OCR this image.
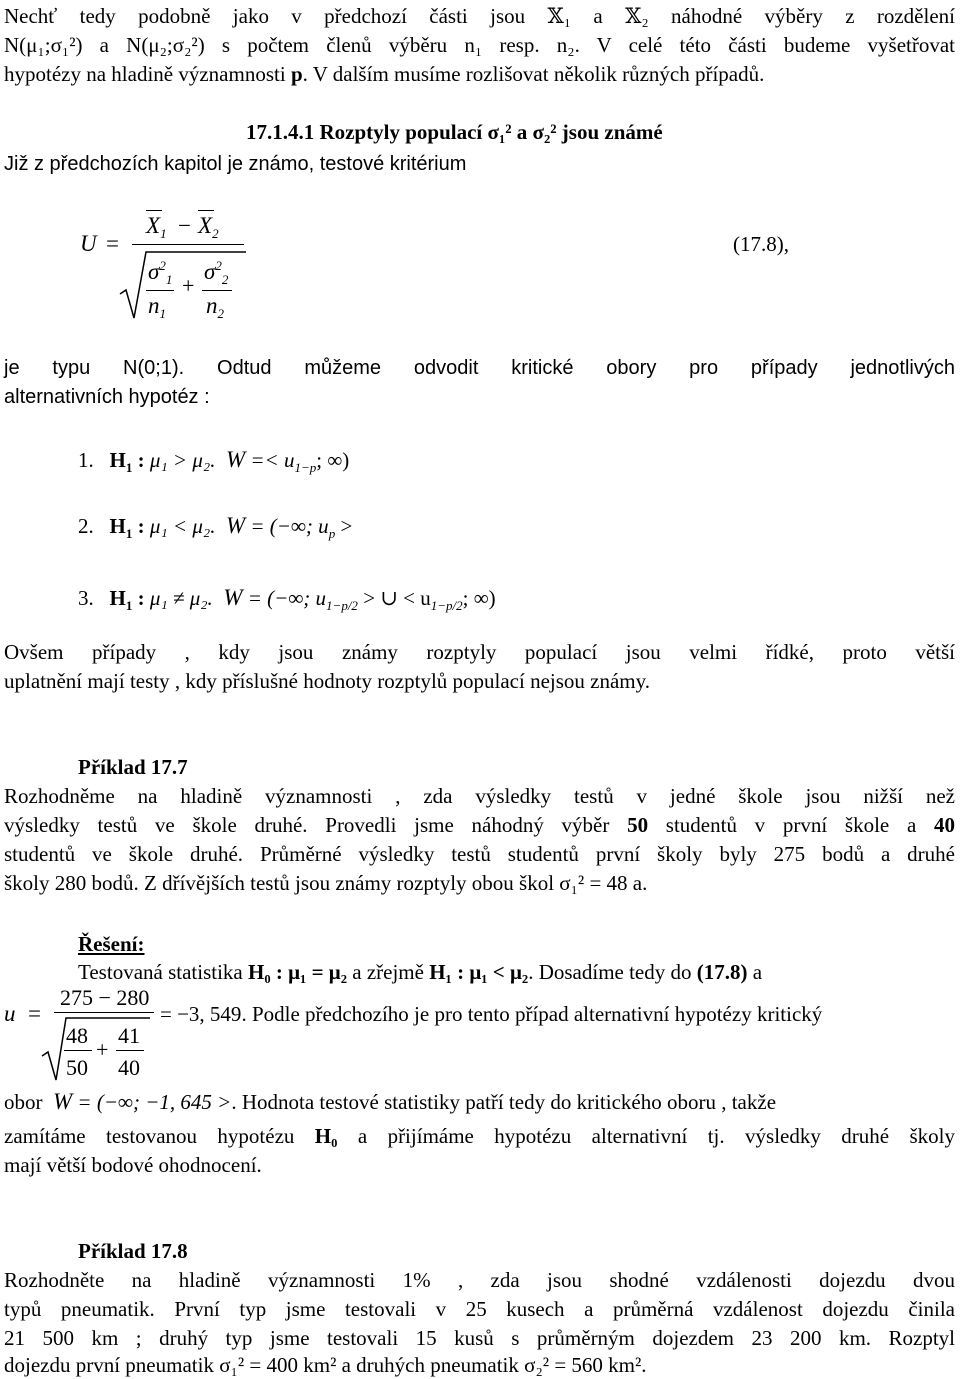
Nechť tedy podobně jako v předchozí části jsou 𝕏₁ a 𝕏₂ náhodné výběry z rozdělení
N(μ₁;σ₁²) a N(μ₂;σ₂²) s počtem členů výběru n₁ resp. n₂. V celé této části budeme vyšetřovat
hypotézy na hladině významnosti p. V dalším musíme rozlišovat několik různých případů.
17.1.4.1 Rozptyly populací σ₁² a σ₂² jsou známé
Již z předchozích kapitol je známo, testové kritérium
U =
$X_1 - X_2$
$\sigma^2_1$ +
$\sigma^2_2$
$n_1$ $n_2$
(17.8),
je typu N(0;1). Odtud můžeme odvodit kritické obory pro případy jednotlivých
alternativních hypotéz :
1. $H_1$ : μ₁ > μ₂. $W =< u_{1-p}$; ∞)
2. $H_1$ : μ₁ < μ₂. W = (−∞; $u_p$ >
3. $H_1$ : μ₁ ≠ μ₂. W = (−∞; $u_{1-p/2}$ > ∪ < $u_{1-p/2}$; ∞)
Ovšem případy , kdy jsou známy rozptyly populací jsou velmi řídké, proto větší
uplatnění mají testy , kdy příslušné hodnoty rozptylů populací nejsou známy.
Příklad 17.7
Rozhodněme na hladině významnosti , zda výsledky testů v jedné škole jsou nižší než
výsledky testů ve škole druhé. Provedli jsme náhodný výběr 50 studentů v první škole a 40
studentů ve škole druhé. Průměrné výsledky testů studentů první školy byly 275 bodů a druhé
školy 280 bodů. Z dřívějších testů jsou známy rozptyly obou škol σ₁² = 48 a.
Řešení:
Testovaná statistika H₀ : μ₁ = μ₂ a zřejmě H₁ : μ₁ < μ₂. Dosadíme tedy do (17.8) a
u =
275 − 280
48
50
+
41
40
= −3, 549. Podle předchozího je pro tento případ alternativní hypotézy kritický
obor W = (−∞; −1, 645 >. Hodnota testové statistiky patří tedy do kritického oboru , takže
zamítáme testovanou hypotézu H₀ a přijímáme hypotézu alternativní tj. výsledky druhé školy
mají větší bodové ohodnocení.
Příklad 17.8
Rozhodněte na hladině významnosti 1% , zda jsou shodné vzdálenosti dojezdu dvou
typů pneumatik. První typ jsme testovali v 25 kusech a průměrná vzdálenost dojezdu činila
21 500 km ; druhý typ jsme testovali 15 kusů s průměrným dojezdem 23 200 km. Rozptyl
dojezdu první pneumatik σ₁² = 400 km² a druhých pneumatik σ₂² = 560 km².
